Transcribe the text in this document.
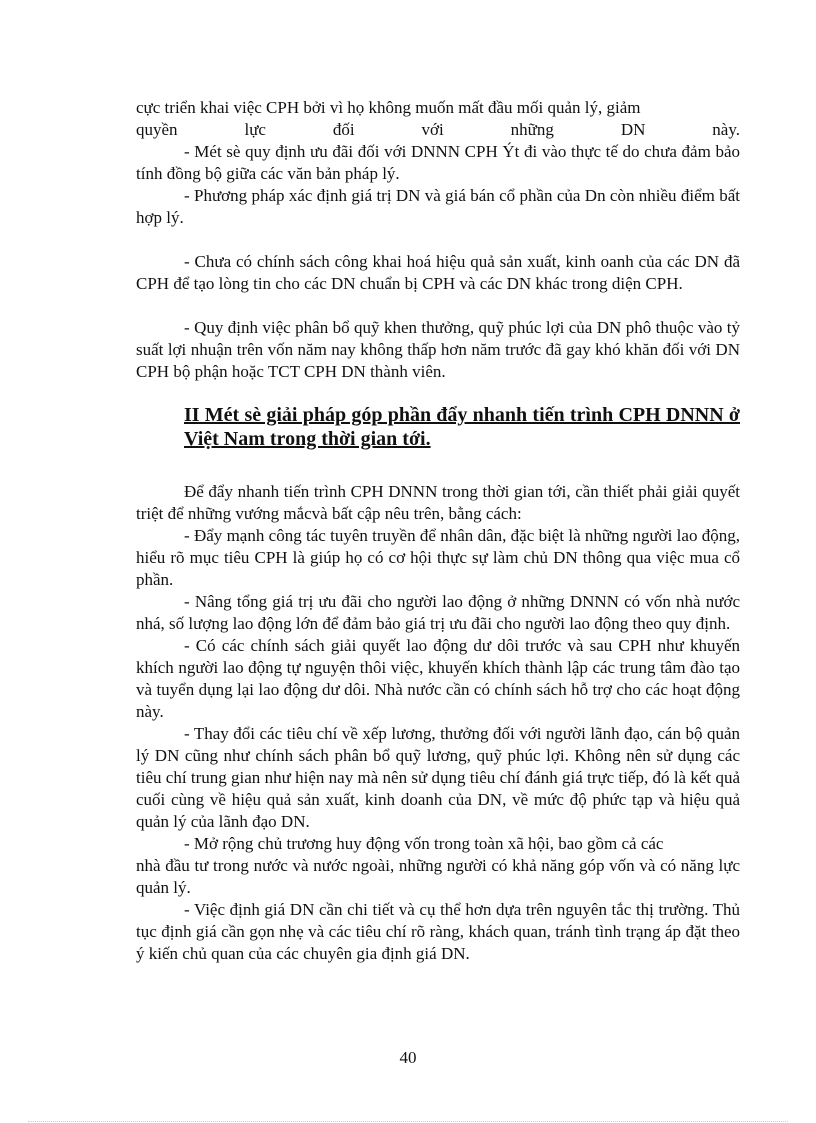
cực triển khai việc CPH bởi vì họ không muốn mất đầu mối quản lý, giảm

quyền lực đối với những DN này.

- Mét sè quy định ưu đãi đối với DNNN CPH Ýt đi vào thực tế do chưa đảm bảo tính đồng bộ giữa các văn bản pháp lý.

- Phương pháp xác định giá trị DN và giá bán cổ phần của Dn còn nhiều điểm bất hợp lý.

- Chưa có chính sách công khai hoá hiệu quả sản xuất, kinh oanh của các DN đã CPH để tạo lòng tin cho các DN chuẩn bị CPH và các DN khác trong diện CPH.

- Quy định việc phân bổ quỹ khen thưởng, quỹ phúc lợi của DN phô thuộc vào tỷ suất lợi nhuận trên vốn năm nay không thấp hơn năm trước đã gay khó khăn đối với DN CPH bộ phận hoặc TCT CPH DN thành viên.

II Mét sè giải pháp góp phần đẩy nhanh tiến trình CPH DNNN ở Việt Nam trong thời gian tới.

Để đẩy nhanh tiến trình CPH DNNN trong thời gian tới, cần thiết phải giải quyết triệt để những vướng mắcvà bất cập nêu trên, bằng cách:

- Đẩy mạnh công tác tuyên truyền để nhân dân, đặc biệt là những người lao động, hiểu rõ mục tiêu CPH là giúp họ có cơ hội thực sự làm chủ DN thông qua việc mua cổ phần.

- Nâng tổng giá trị ưu đãi cho người lao động ở những DNNN có vốn nhà nước nhá, số lượng lao động lớn để đảm bảo giá trị ưu đãi cho người lao động theo quy định.

- Có các chính sách giải quyết lao động dư dôi trước và sau CPH như khuyến khích người lao động tự nguyện thôi việc, khuyến khích thành lập các trung tâm đào tạo và tuyển dụng lại lao động dư dôi. Nhà nước cần có chính sách hỗ trợ cho các hoạt động này.

- Thay đổi các tiêu chí về xếp lương, thưởng đối với người lãnh đạo, cán bộ quản lý DN cũng như chính sách phân bổ quỹ lương, quỹ phúc lợi. Không nên sử dụng các tiêu chí trung gian như hiện nay mà nên sử dụng tiêu chí đánh giá trực tiếp, đó là kết quả cuối cùng về hiệu quả sản xuất, kinh doanh của DN, về mức độ phức tạp và hiệu quả quản lý của lãnh đạo DN.

- Mở rộng chủ trương huy động vốn trong toàn xã hội, bao gồm cả các

nhà đầu tư trong nước và nước ngoài, những người có khả năng góp vốn và có năng lực quản lý.

- Việc định giá DN cần chi tiết và cụ thể hơn dựa trên nguyên tắc thị trường. Thủ tục định giá cần gọn nhẹ và các tiêu chí rõ ràng, khách quan, tránh tình trạng áp đặt theo ý kiến chủ quan của các chuyên gia định giá DN.

40
